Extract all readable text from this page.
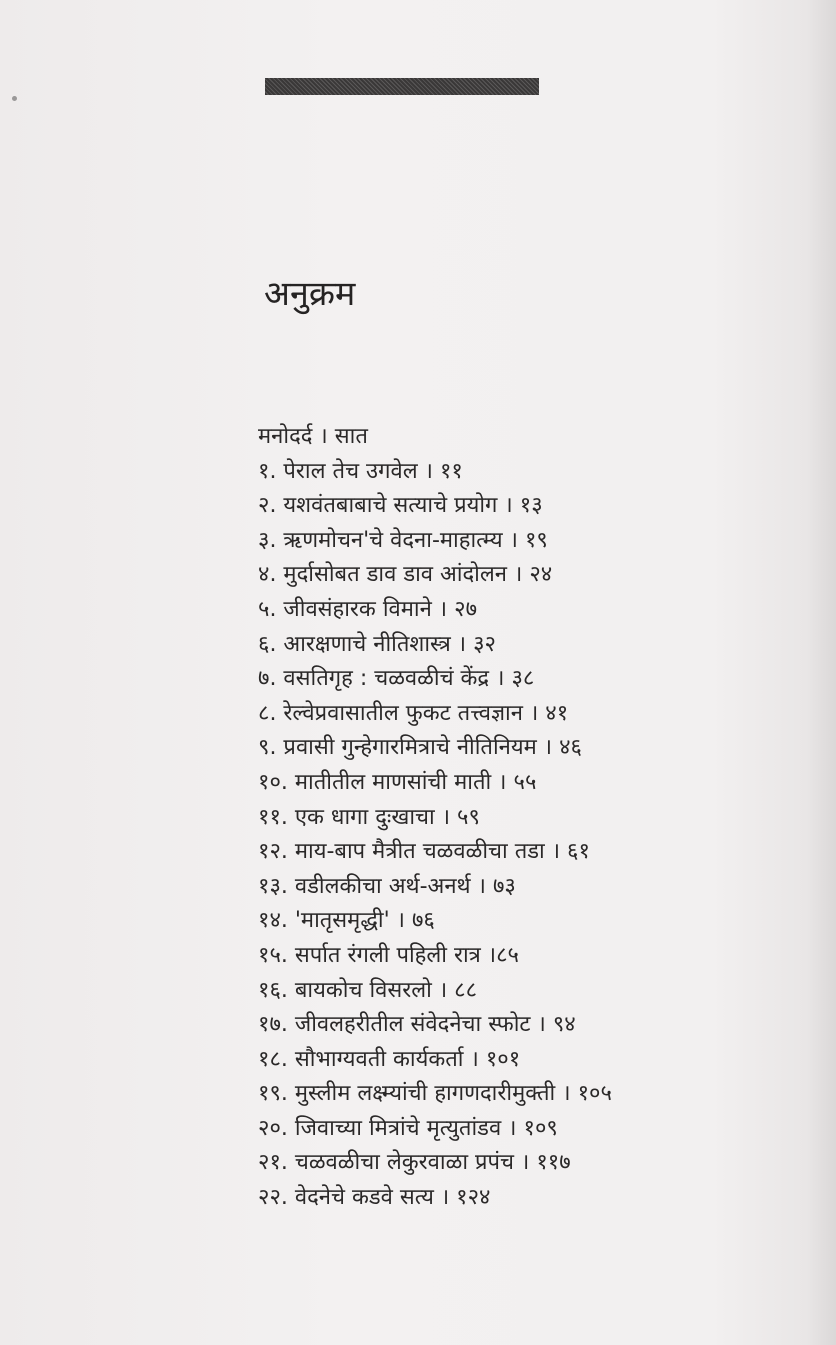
अनुक्रम
मनोदर्द । सात
१. पेराल तेच उगवेल । ११
२. यशवंतबाबाचे सत्याचे प्रयोग । १३
३. ऋणमोचन'चे वेदना-माहात्म्य । १९
४. मुर्दासोबत डाव डाव आंदोलन । २४
५. जीवसंहारक विमाने । २७
६. आरक्षणाचे नीतिशास्त्र । ३२
७. वसतिगृह : चळवळीचं केंद्र । ३८
८. रेल्वेप्रवासातील फुकट तत्त्वज्ञान । ४१
९. प्रवासी गुन्हेगारमित्राचे नीतिनियम । ४६
१०. मातीतील माणसांची माती । ५५
११. एक धागा दुःखाचा । ५९
१२. माय-बाप मैत्रीत चळवळीचा तडा । ६१
१३. वडीलकीचा अर्थ-अनर्थ । ७३
१४. 'मातृसमृद्धी' । ७६
१५. सर्पात रंगली पहिली रात्र ।८५
१६. बायकोच विसरलो । ८८
१७. जीवलहरीतील संवेदनेचा स्फोट । ९४
१८. सौभाग्यवती कार्यकर्ता । १०१
१९. मुस्लीम लक्ष्म्यांची हागणदारीमुक्ती । १०५
२०. जिवाच्या मित्रांचे मृत्युतांडव । १०९
२१. चळवळीचा लेकुरवाळा प्रपंच । ११७
२२. वेदनेचे कडवे सत्य । १२४
